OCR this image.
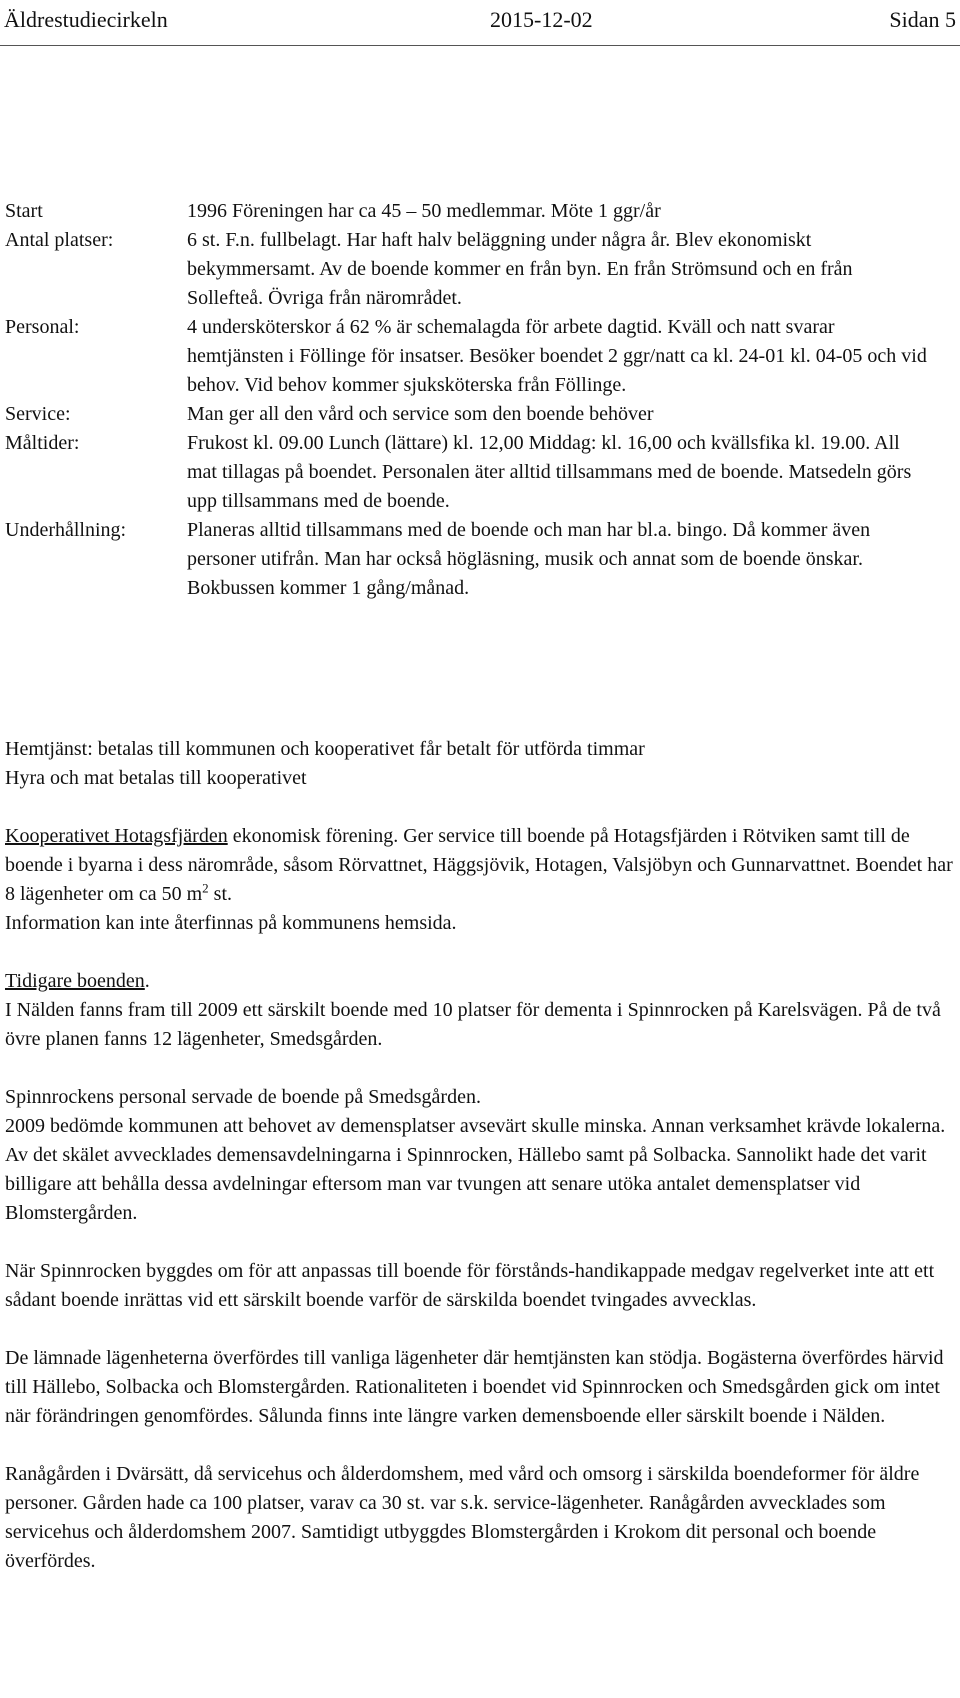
Äldrestudiecirkeln	2015-12-02	Sidan 5
Start	1996 Föreningen har ca 45 – 50 medlemmar. Möte 1 ggr/år
Antal platser:	6 st. F.n. fullbelagt. Har haft halv beläggning under några år. Blev ekonomiskt bekymmersamt. Av de boende kommer en från byn. En från Strömsund och en från Sollefteå. Övriga från närområdet.
Personal:	4 undersköterskor á 62 % är schemalagda för arbete dagtid. Kväll och natt svarar hemtjänsten i Föllinge för insatser. Besöker boendet 2 ggr/natt ca kl. 24-01 kl. 04-05 och vid behov. Vid behov kommer sjuksköterska från Föllinge.
Service:	Man ger all den vård och service som den boende behöver
Måltider:	Frukost kl. 09.00 Lunch (lättare) kl. 12,00 Middag: kl. 16,00 och kvällsfika kl. 19.00. All mat tillagas på boendet. Personalen äter alltid tillsammans med de boende. Matsedeln görs upp tillsammans med de boende.
Underhållning:	Planeras alltid tillsammans med de boende och man har bl.a. bingo. Då kommer även personer utifrån. Man har också högläsning, musik och annat som de boende önskar. Bokbussen kommer 1 gång/månad.

Hemtjänst: betalas till kommunen och kooperativet får betalt för utförda timmar

Hyra och mat betalas till kooperativet

Kooperativet Hotagsfjärden ekonomisk förening. Ger service till boende på Hotagsfjärden i Rötviken samt till de boende i byarna i dess närområde, såsom Rörvattnet, Häggsjövik, Hotagen, Valsjöbyn och Gunnarvattnet. Boendet har 8 lägenheter om ca 50 $m^2$ st.

Information kan inte återfinnas på kommunens hemsida.

Tidigare boenden.

I Nälden fanns fram till 2009 ett särskilt boende med 10 platser för dementa i Spinnrocken på Karelsvägen. På de två övre planen fanns 12 lägenheter, Smedsgården.

Spinnrockens personal servade de boende på Smedsgården.

2009 bedömde kommunen att behovet av demensplatser avsevärt skulle minska. Annan verksamhet krävde lokalerna. Av det skälet avvecklades demensavdelningarna i Spinnrocken, Hällebo samt på Solbacka. Sannolikt hade det varit billigare att behålla dessa avdelningar eftersom man var tvungen att senare utöka antalet demensplatser vid Blomstergården.

När Spinnrocken byggdes om för att anpassas till boende för förstånds-handikappade medgav regelverket inte att ett sådant boende inrättas vid ett särskilt boende varför de särskilda boendet tvingades avvecklas.

De lämnade lägenheterna överfördes till vanliga lägenheter där hemtjänsten kan stödja. Bogästerna överfördes härvid till Hällebo, Solbacka och Blomstergården. Rationaliteten i boendet vid Spinnrocken och Smedsgården gick om intet när förändringen genomfördes. Sålunda finns inte längre varken demensboende eller särskilt boende i Nälden.

Ranågården i Dvärsätt, då servicehus och ålderdomshem, med vård och omsorg i särskilda boendeformer för äldre personer. Gården hade ca 100 platser, varav ca 30 st. var s.k. service-lägenheter. Ranågården avvecklades som servicehus och ålderdomshem 2007. Samtidigt utbyggdes Blomstergården i Krokom dit personal och boende överfördes.
